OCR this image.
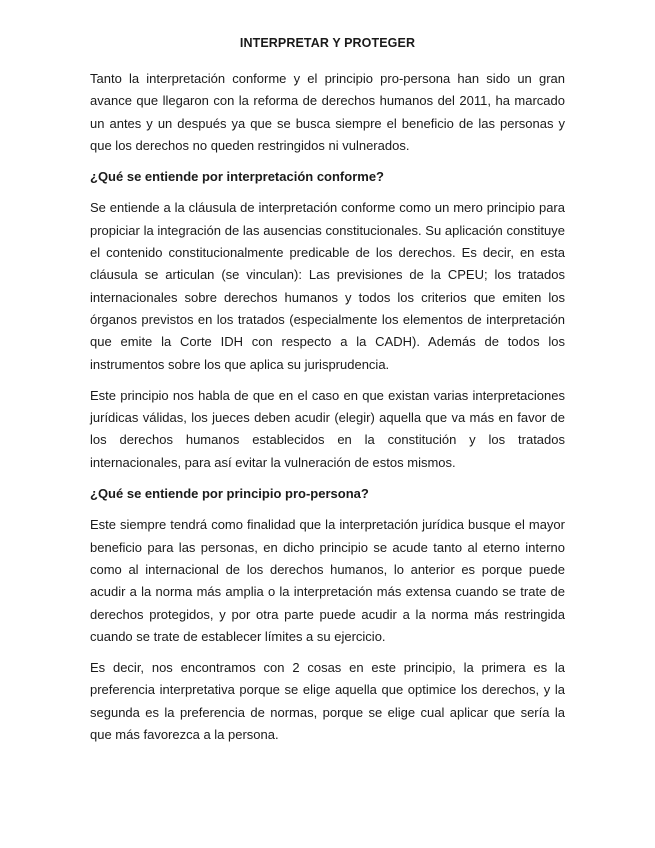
INTERPRETAR Y PROTEGER

Tanto la interpretación conforme y el principio pro-persona han sido un gran avance que llegaron con la reforma de derechos humanos del 2011, ha marcado un antes y un después ya que se busca siempre el beneficio de las personas y que los derechos no queden restringidos ni vulnerados.

¿Qué se entiende por interpretación conforme?

Se entiende a la cláusula de interpretación conforme como un mero principio para propiciar la integración de las ausencias constitucionales. Su aplicación constituye el contenido constitucionalmente predicable de los derechos. Es decir, en esta cláusula se articulan (se vinculan): Las previsiones de la CPEU; los tratados internacionales sobre derechos humanos y todos los criterios que emiten los órganos previstos en los tratados (especialmente los elementos de interpretación que emite la Corte IDH con respecto a la CADH). Además de todos los instrumentos sobre los que aplica su jurisprudencia.

Este principio nos habla de que en el caso en que existan varias interpretaciones jurídicas válidas, los jueces deben acudir (elegir) aquella que va más en favor de los derechos humanos establecidos en la constitución y los tratados internacionales, para así evitar la vulneración de estos mismos.

¿Qué se entiende por principio pro-persona?

Este siempre tendrá como finalidad que la interpretación jurídica busque el mayor beneficio para las personas, en dicho principio se acude tanto al eterno interno como al internacional de los derechos humanos, lo anterior es porque puede acudir a la norma más amplia o la interpretación más extensa cuando se trate de derechos protegidos, y por otra parte puede acudir a la norma más restringida cuando se trate de establecer límites a su ejercicio.

Es decir, nos encontramos con 2 cosas en este principio, la primera es la preferencia interpretativa porque se elige aquella que optimice los derechos, y la segunda es la preferencia de normas, porque se elige cual aplicar que sería la que más favorezca a la persona.
